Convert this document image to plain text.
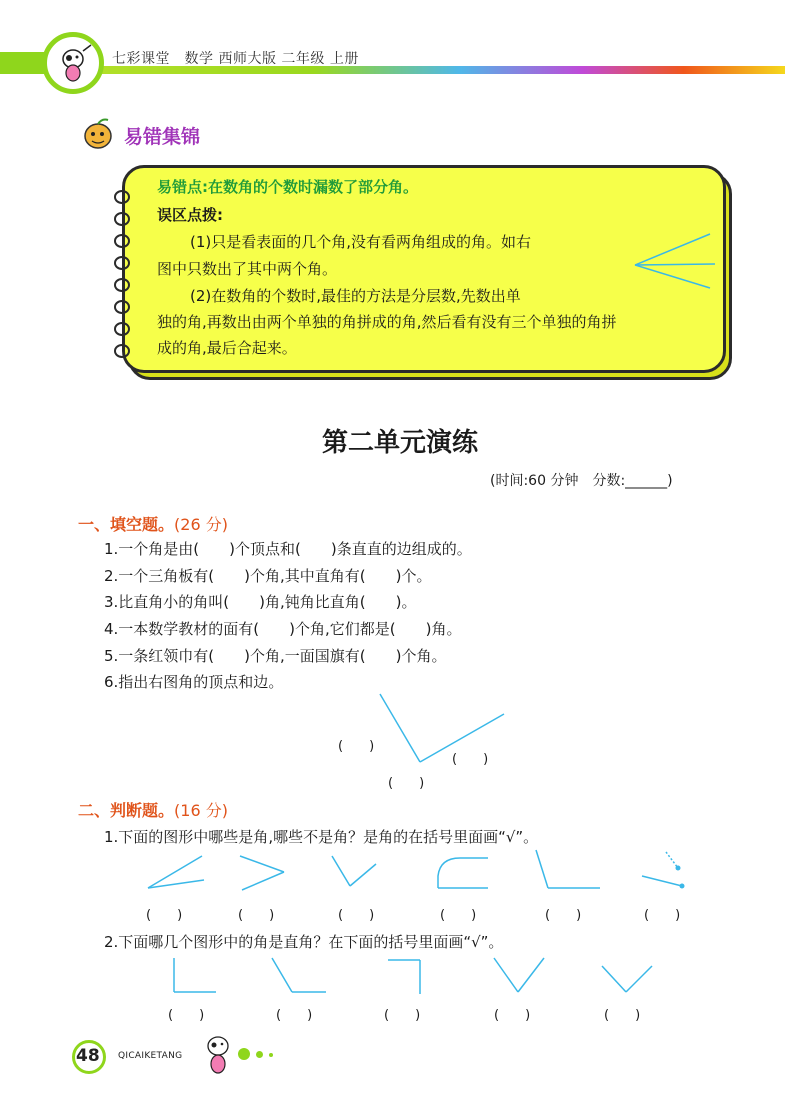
七彩课堂　数学 西师大版 二年级 上册
易错集锦
易错点:在数角的个数时漏数了部分角。
误区点拨:
(1)只是看表面的几个角,没有看两角组成的角。如右
图中只数出了其中两个角。
(2)在数角的个数时,最佳的方法是分层数,先数出单
独的角,再数出由两个单独的角拼成的角,然后看有没有三个单独的角拼
成的角,最后合起来。
第二单元演练
(时间:60 分钟　分数:______)
一、填空题。(26 分)
1.一个角是由(　　)个顶点和(　　)条直直的边组成的。
2.一个三角板有(　　)个角,其中直角有(　　)个。
3.比直角小的角叫(　　)角,钝角比直角(　　)。
4.一本数学教材的面有(　　)个角,它们都是(　　)角。
5.一条红领巾有(　　)个角,一面国旗有(　　)个角。
6.指出右图角的顶点和边。
(　　)
(　　)
(　　)
二、判断题。(16 分)
1.下面的图形中哪些是角,哪些不是角？是角的在括号里面画“√”。
(　　)	(　　)	(　　)	(　　)	(　　)	(　　)
2.下面哪几个图形中的角是直角？在下面的括号里面画“√”。
(　　)	(　　)	(　　)	(　　)	(　　)
48 QICAIKETANG
